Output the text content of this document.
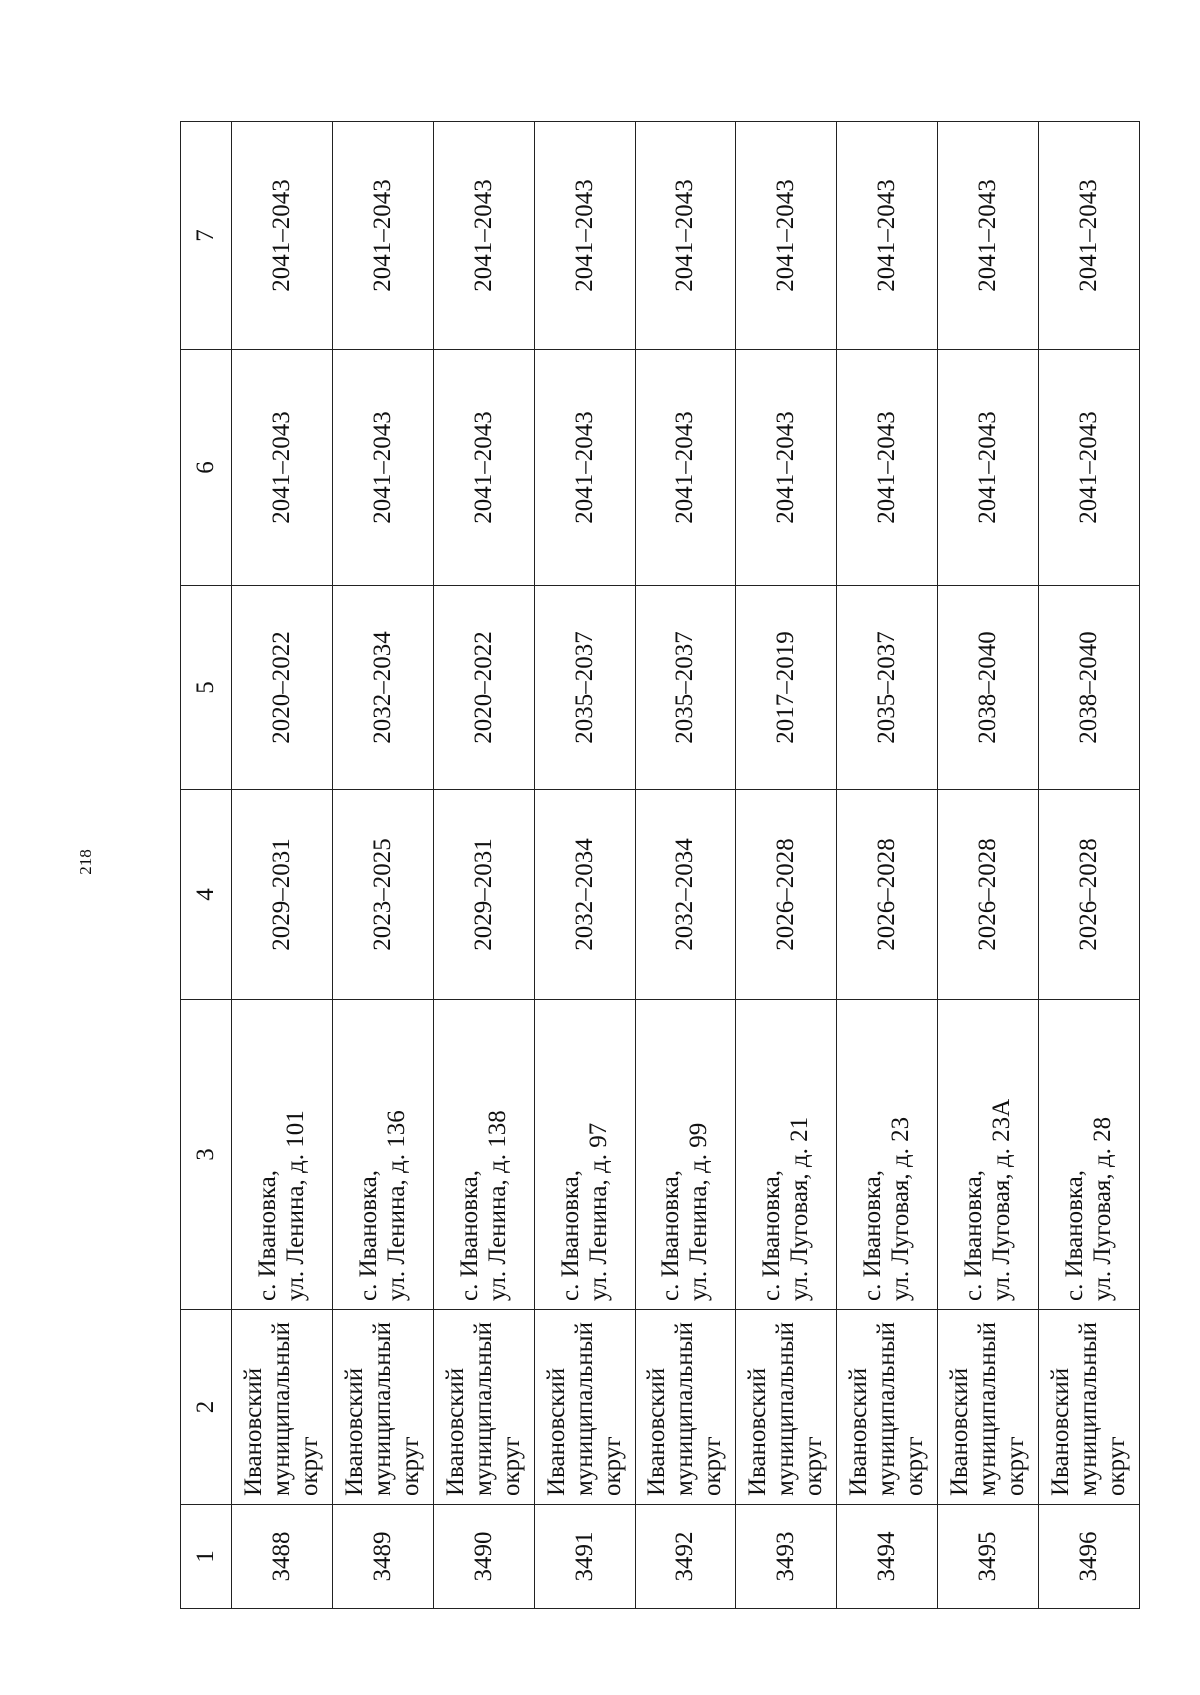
218
1	2	3	4	5	6	7
3488	Ивановский муниципальный округ	с. Ивановка, ул. Ленина, д. 101	2029–2031	2020–2022	2041–2043	2041–2043
3489	Ивановский муниципальный округ	с. Ивановка, ул. Ленина, д. 136	2023–2025	2032–2034	2041–2043	2041–2043
3490	Ивановский муниципальный округ	с. Ивановка, ул. Ленина, д. 138	2029–2031	2020–2022	2041–2043	2041–2043
3491	Ивановский муниципальный округ	с. Ивановка, ул. Ленина, д. 97	2032–2034	2035–2037	2041–2043	2041–2043
3492	Ивановский муниципальный округ	с. Ивановка, ул. Ленина, д. 99	2032–2034	2035–2037	2041–2043	2041–2043
3493	Ивановский муниципальный округ	с. Ивановка, ул. Луговая, д. 21	2026–2028	2017–2019	2041–2043	2041–2043
3494	Ивановский муниципальный округ	с. Ивановка, ул. Луговая, д. 23	2026–2028	2035–2037	2041–2043	2041–2043
3495	Ивановский муниципальный округ	с. Ивановка, ул. Луговая, д. 23А	2026–2028	2038–2040	2041–2043	2041–2043
3496	Ивановский муниципальный округ	с. Ивановка, ул. Луговая, д. 28	2026–2028	2038–2040	2041–2043	2041–2043
